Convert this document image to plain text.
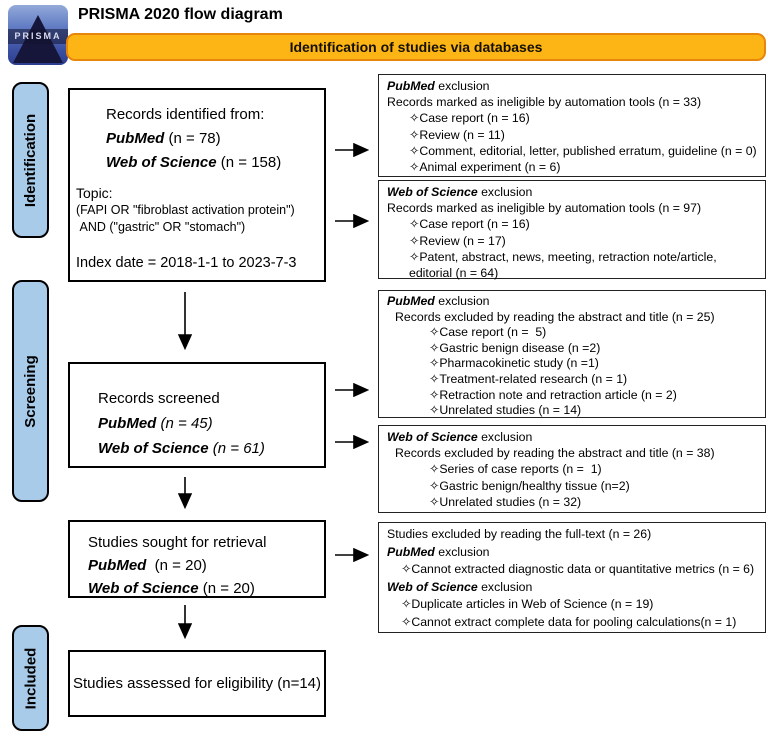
PRISMA
PRISMA 2020 flow diagram
Identification of studies via databases
Identification
Screening
Included
Records identified from:
PubMed (n = 78)
Web of Science (n = 158)
Topic:
(FAPI OR "fibroblast activation protein")
AND ("gastric" OR "stomach")
Index date = 2018-1-1 to 2023-7-3
Records screened
PubMed (n = 45)
Web of Science (n = 61)
Studies sought for retrieval
PubMed  (n = 20)
Web of Science (n = 20)
Studies assessed for eligibility (n=14)
PubMed exclusion
Records marked as ineligible by automation tools (n = 33)
✧Case report (n = 16)
✧Review (n = 11)
✧Comment, editorial, letter, published erratum, guideline (n = 0)
✧Animal experiment (n = 6)
Web of Science exclusion
Records marked as ineligible by automation tools (n = 97)
✧Case report (n = 16)
✧Review (n = 17)
✧Patent, abstract, news, meeting, retraction note/article, editorial (n = 64)
PubMed exclusion
Records excluded by reading the abstract and title (n = 25)
✧Case report (n =  5)
✧Gastric benign disease (n =2)
✧Pharmacokinetic study (n =1)
✧Treatment-related research (n = 1)
✧Retraction note and retraction article (n = 2)
✧Unrelated studies (n = 14)
Web of Science exclusion
Records excluded by reading the abstract and title (n = 38)
✧Series of case reports (n =  1)
✧Gastric benign/healthy tissue (n=2)
✧Unrelated studies (n = 32)
Studies excluded by reading the full-text (n = 26)
PubMed exclusion
✧Cannot extracted diagnostic data or quantitative metrics (n = 6)
Web of Science exclusion
✧Duplicate articles in Web of Science (n = 19)
✧Cannot extract complete data for pooling calculations(n = 1)
